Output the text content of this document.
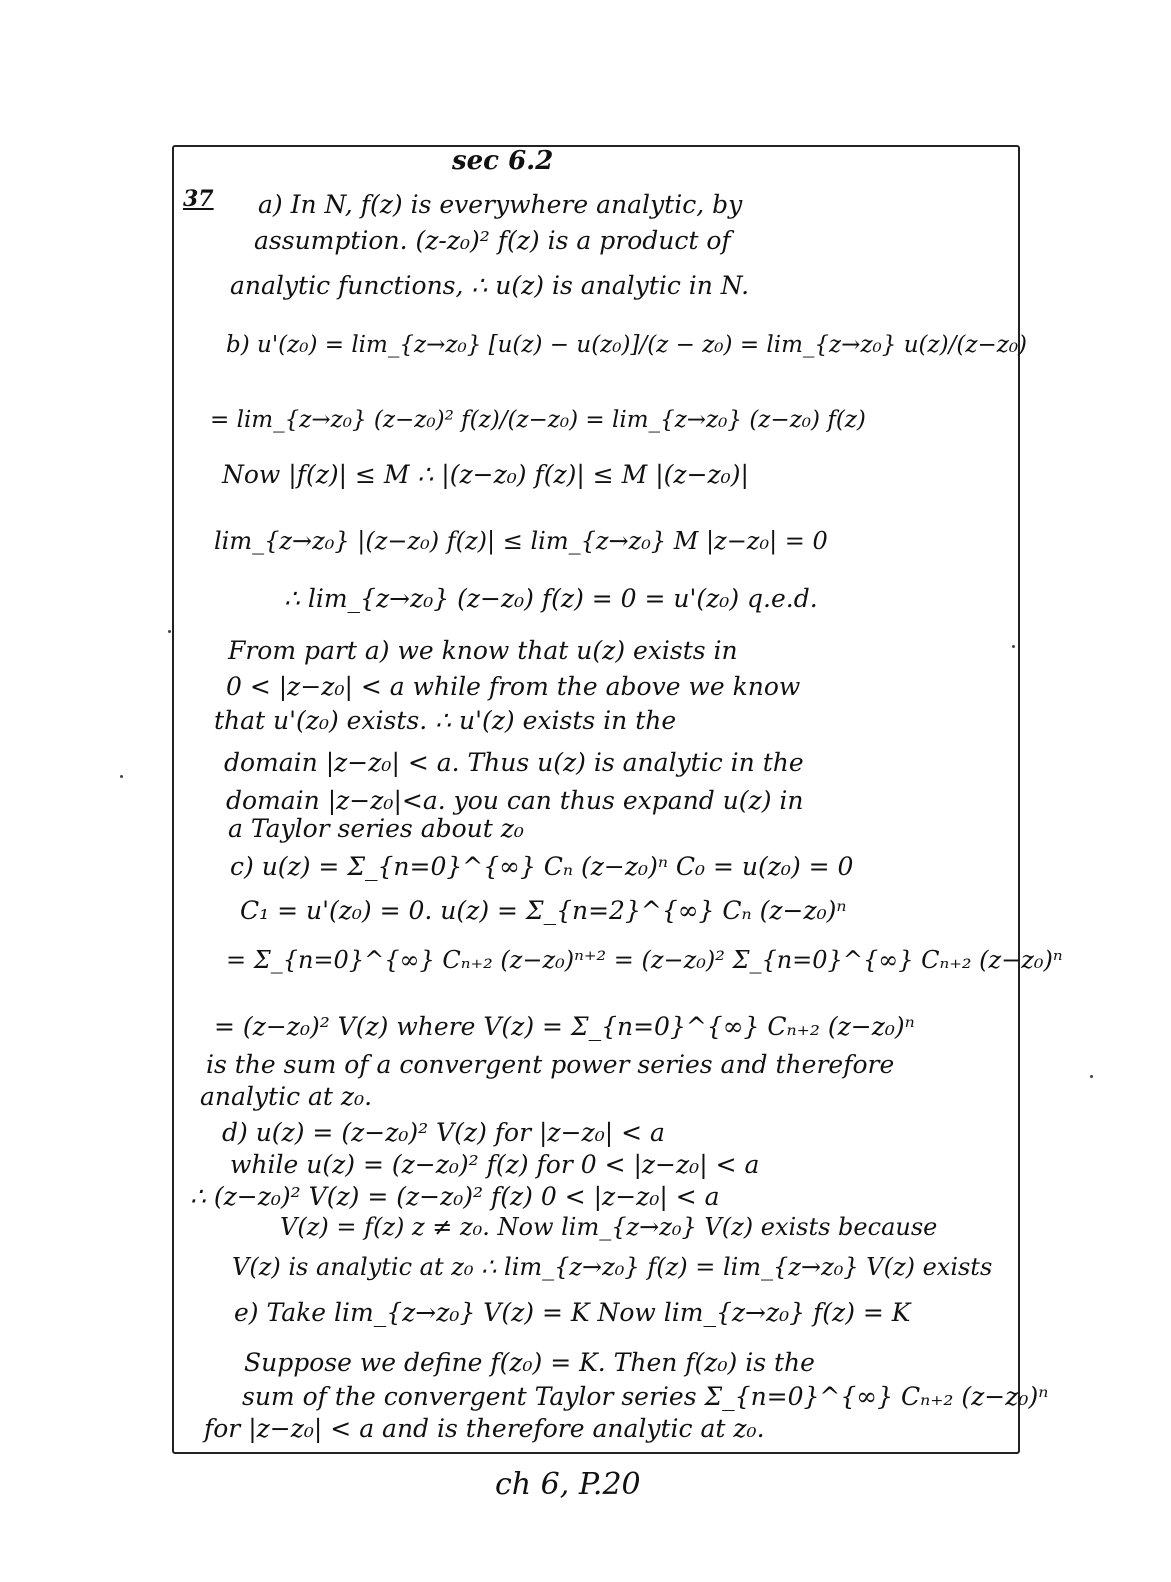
sec 6.2
37 a) In N, f(z) is everywhere analytic, by
assumption. (z-z₀)² f(z) is a product of
analytic functions, ∴ u(z) is analytic in N.
b) u'(z₀) = lim_{z→z₀} [u(z) − u(z₀)]/(z − z₀) = lim_{z→z₀} u(z)/(z−z₀)
= lim_{z→z₀} (z−z₀)² f(z)/(z−z₀) = lim_{z→z₀} (z−z₀) f(z)
Now |f(z)| ≤ M ∴ |(z−z₀) f(z)| ≤ M |(z−z₀)|
lim_{z→z₀} |(z−z₀) f(z)| ≤ lim_{z→z₀} M |z−z₀| = 0
∴ lim_{z→z₀} (z−z₀) f(z) = 0 = u'(z₀) q.e.d.
From part a) we know that u(z) exists in
0 < |z−z₀| < a while from the above we know
that u'(z₀) exists. ∴ u'(z) exists in the
domain |z−z₀| < a. Thus u(z) is analytic in the
domain |z−z₀|<a. you can thus expand u(z) in
a Taylor series about z₀
c) u(z) = Σ_{n=0}^{∞} Cₙ (z−z₀)ⁿ C₀ = u(z₀) = 0
C₁ = u'(z₀) = 0. u(z) = Σ_{n=2}^{∞} Cₙ (z−z₀)ⁿ
= Σ_{n=0}^{∞} Cₙ₊₂ (z−z₀)ⁿ⁺² = (z−z₀)² Σ_{n=0}^{∞} Cₙ₊₂ (z−z₀)ⁿ
= (z−z₀)² V(z) where V(z) = Σ_{n=0}^{∞} Cₙ₊₂ (z−z₀)ⁿ
is the sum of a convergent power series and therefore
analytic at z₀.
d) u(z) = (z−z₀)² V(z) for |z−z₀| < a
while u(z) = (z−z₀)² f(z) for 0 < |z−z₀| < a
∴ (z−z₀)² V(z) = (z−z₀)² f(z) 0 < |z−z₀| < a
V(z) = f(z) z ≠ z₀. Now lim_{z→z₀} V(z) exists because
V(z) is analytic at z₀ ∴ lim_{z→z₀} f(z) = lim_{z→z₀} V(z) exists
e) Take lim_{z→z₀} V(z) = K Now lim_{z→z₀} f(z) = K
Suppose we define f(z₀) = K. Then f(z₀) is the
sum of the convergent Taylor series Σ_{n=0}^{∞} Cₙ₊₂ (z−z₀)ⁿ
for |z−z₀| < a and is therefore analytic at z₀.
ch 6, P.20
